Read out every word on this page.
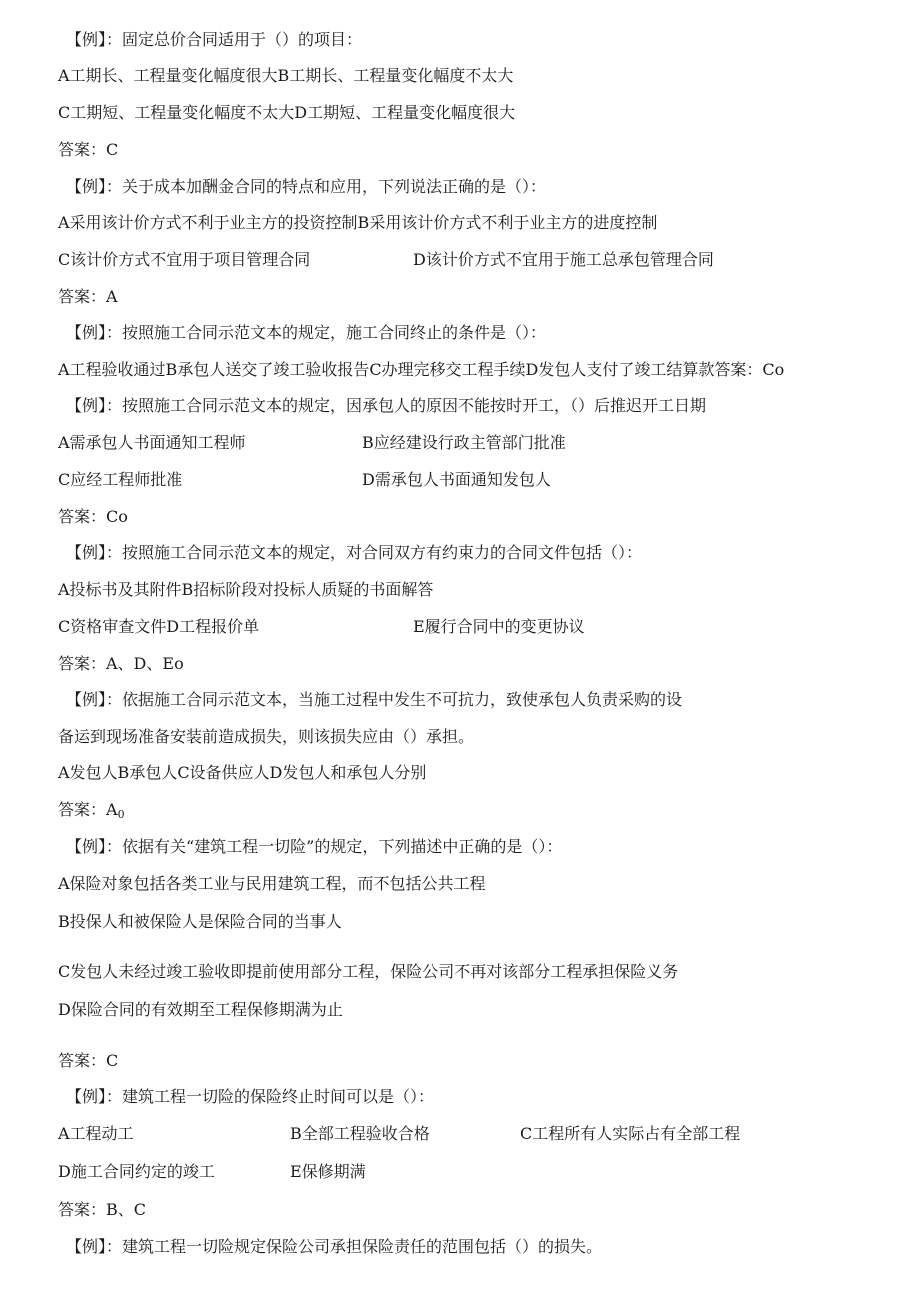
【例】：固定总价合同适用于（）的项目：
A工期长、工程量变化幅度很大B工期长、工程量变化幅度不太大
C工期短、工程量变化幅度不太大D工期短、工程量变化幅度很大
答案：C
【例】：关于成本加酬金合同的特点和应用，下列说法正确的是（）：
A采用该计价方式不利于业主方的投资控制B采用该计价方式不利于业主方的进度控制
C该计价方式不宜用于项目管理合同	D该计价方式不宜用于施工总承包管理合同
答案：A
【例】：按照施工合同示范文本的规定，施工合同终止的条件是（）：
A工程验收通过B承包人送交了竣工验收报告C办理完移交工程手续D发包人支付了竣工结算款答案：Co
【例】：按照施工合同示范文本的规定，因承包人的原因不能按时开工，（）后推迟开工日期
A需承包人书面通知工程师	B应经建设行政主管部门批准
C应经工程师批准	D需承包人书面通知发包人
答案：Co
【例】：按照施工合同示范文本的规定，对合同双方有约束力的合同文件包括（）：
A投标书及其附件B招标阶段对投标人质疑的书面解答
C资格审查文件D工程报价单	E履行合同中的变更协议
答案：A、D、Eo
【例】：依据施工合同示范文本，当施工过程中发生不可抗力，致使承包人负责采购的设
备运到现场准备安装前造成损失，则该损失应由（）承担。
A发包人B承包人C设备供应人D发包人和承包人分别
答案：$A_0$
【例】：依据有关“建筑工程一切险”的规定，下列描述中正确的是（）：
A保险对象包括各类工业与民用建筑工程，而不包括公共工程
B投保人和被保险人是保险合同的当事人
C发包人未经过竣工验收即提前使用部分工程，保险公司不再对该部分工程承担保险义务
D保险合同的有效期至工程保修期满为止
答案：C
【例】：建筑工程一切险的保险终止时间可以是（）：
A工程动工	B全部工程验收合格	C工程所有人实际占有全部工程
D施工合同约定的竣工	E保修期满
答案：B、C
【例】：建筑工程一切险规定保险公司承担保险责任的范围包括（）的损失。
